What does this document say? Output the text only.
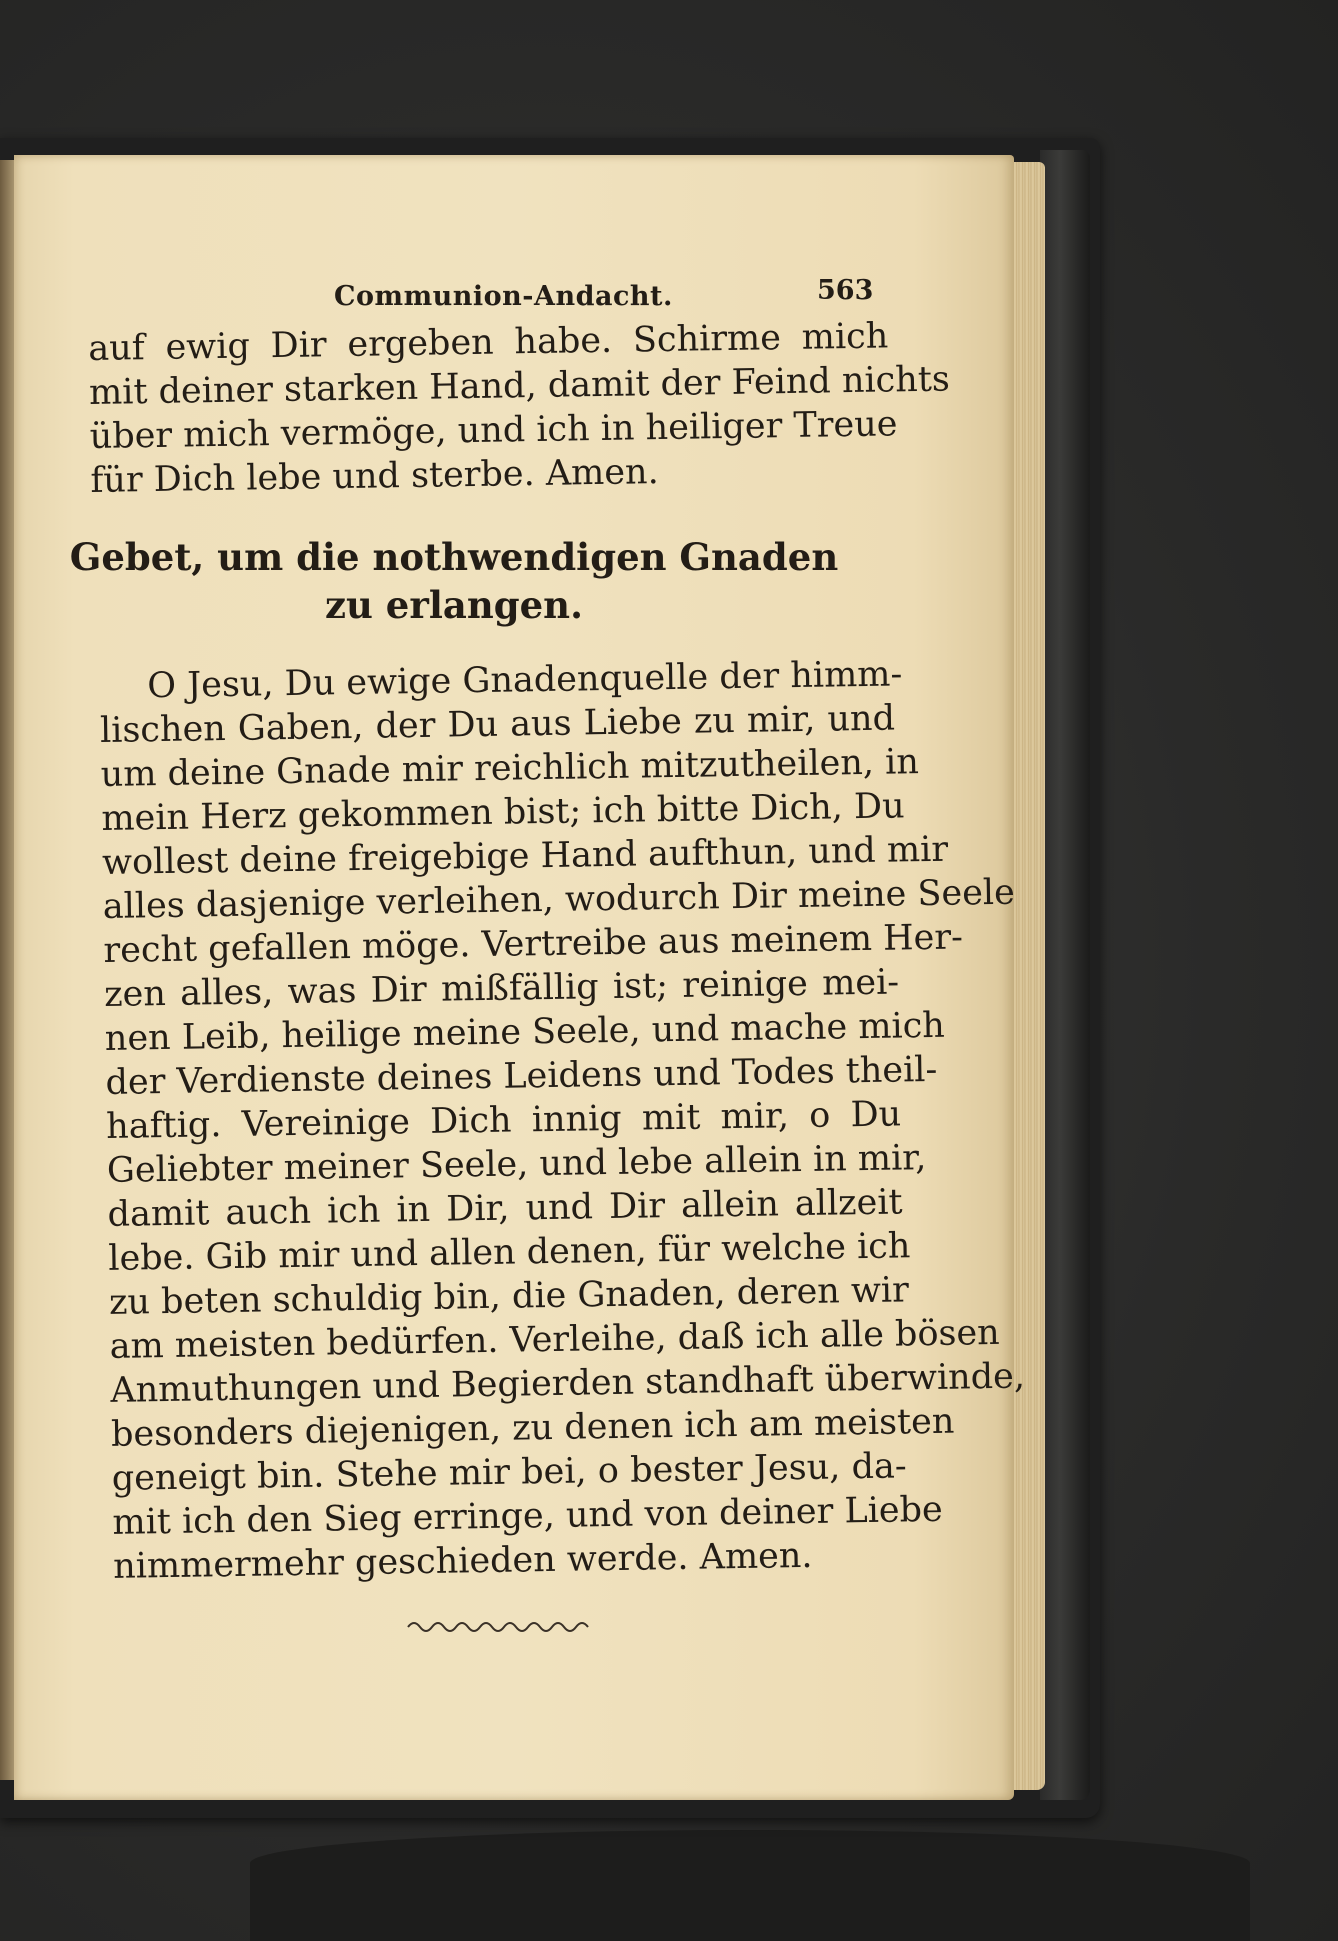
Communion-Andacht.	563
auf ewig Dir ergeben habe. Schirme mich
mit deiner starken Hand, damit der Feind nichts
über mich vermöge, und ich in heiliger Treue
für Dich lebe und sterbe. Amen.
Gebet, um die nothwendigen Gnaden
zu erlangen.
O Jesu, Du ewige Gnadenquelle der himm-
lischen Gaben, der Du aus Liebe zu mir, und
um deine Gnade mir reichlich mitzutheilen, in
mein Herz gekommen bist; ich bitte Dich, Du
wollest deine freigebige Hand aufthun, und mir
alles dasjenige verleihen, wodurch Dir meine Seele
recht gefallen möge. Vertreibe aus meinem Her-
zen alles, was Dir mißfällig ist; reinige mei-
nen Leib, heilige meine Seele, und mache mich
der Verdienste deines Leidens und Todes theil-
haftig. Vereinige Dich innig mit mir, o Du
Geliebter meiner Seele, und lebe allein in mir,
damit auch ich in Dir, und Dir allein allzeit
lebe. Gib mir und allen denen, für welche ich
zu beten schuldig bin, die Gnaden, deren wir
am meisten bedürfen. Verleihe, daß ich alle bösen
Anmuthungen und Begierden standhaft überwinde,
besonders diejenigen, zu denen ich am meisten
geneigt bin. Stehe mir bei, o bester Jesu, da-
mit ich den Sieg erringe, und von deiner Liebe
nimmermehr geschieden werde. Amen.
